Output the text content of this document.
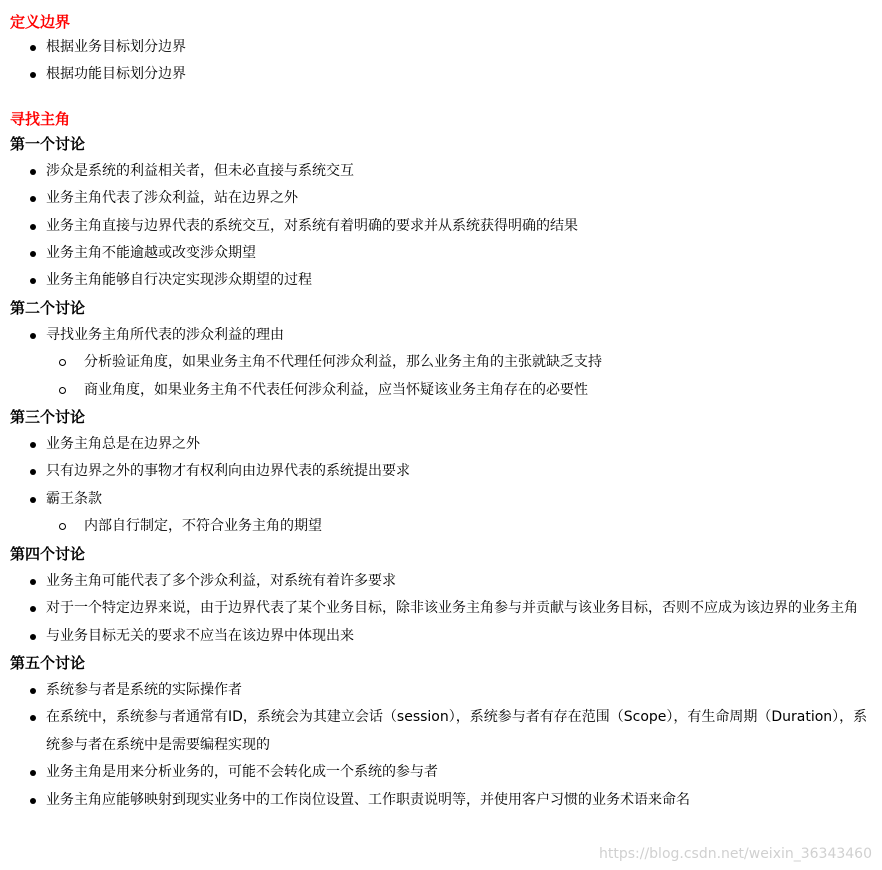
定义边界
根据业务目标划分边界
根据功能目标划分边界
寻找主角
第一个讨论
涉众是系统的利益相关者，但未必直接与系统交互
业务主角代表了涉众利益，站在边界之外
业务主角直接与边界代表的系统交互，对系统有着明确的要求并从系统获得明确的结果
业务主角不能逾越或改变涉众期望
业务主角能够自行决定实现涉众期望的过程
第二个讨论
寻找业务主角所代表的涉众利益的理由
分析验证角度，如果业务主角不代理任何涉众利益，那么业务主角的主张就缺乏支持
商业角度，如果业务主角不代表任何涉众利益，应当怀疑该业务主角存在的必要性
第三个讨论
业务主角总是在边界之外
只有边界之外的事物才有权利向由边界代表的系统提出要求
霸王条款
内部自行制定，不符合业务主角的期望
第四个讨论
业务主角可能代表了多个涉众利益，对系统有着许多要求
对于一个特定边界来说，由于边界代表了某个业务目标，除非该业务主角参与并贡献与该业务目标，否则不应成为该边界的业务主角
与业务目标无关的要求不应当在该边界中体现出来
第五个讨论
系统参与者是系统的实际操作者
在系统中，系统参与者通常有ID，系统会为其建立会话（session），系统参与者有存在范围（Scope），有生命周期（Duration），系统参与者在系统中是需要编程实现的
业务主角是用来分析业务的，可能不会转化成一个系统的参与者
业务主角应能够映射到现实业务中的工作岗位设置、工作职责说明等，并使用客户习惯的业务术语来命名
https://blog.csdn.net/weixin_36343460
